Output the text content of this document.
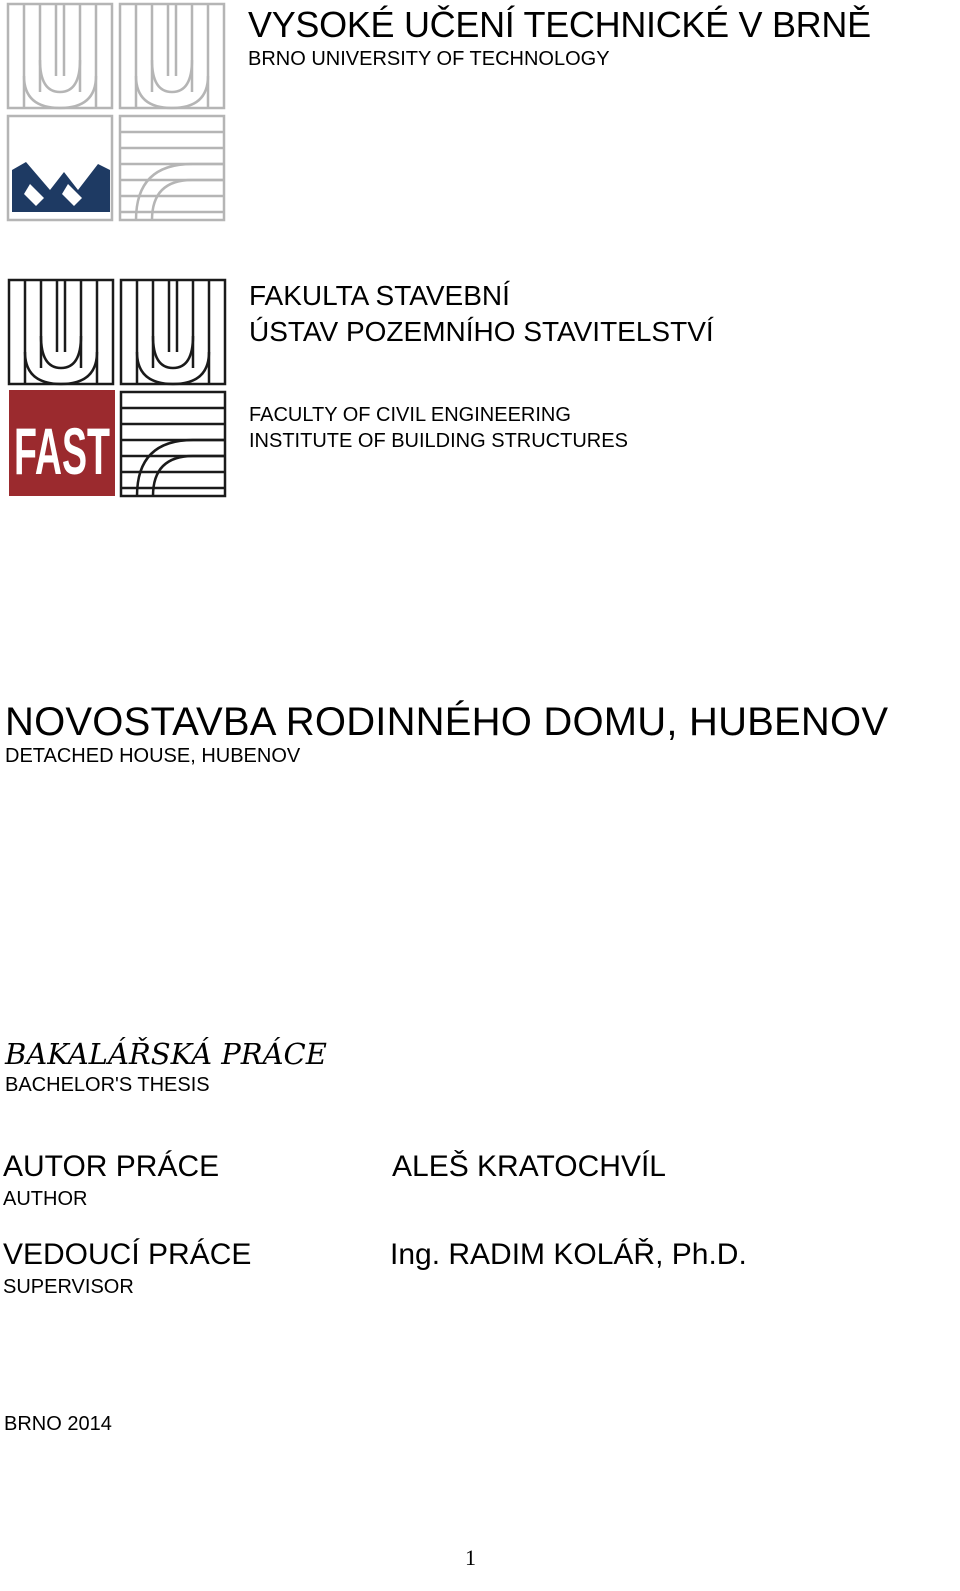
VYSOKÉ UČENÍ TECHNICKÉ V BRNĚ
BRNO UNIVERSITY OF TECHNOLOGY
FAST
FAKULTA STAVEBNÍ
ÚSTAV POZEMNÍHO STAVITELSTVÍ
FACULTY OF CIVIL ENGINEERING
INSTITUTE OF BUILDING STRUCTURES
NOVOSTAVBA RODINNÉHO DOMU, HUBENOV
DETACHED HOUSE, HUBENOV
BAKALÁŘSKÁ PRÁCE
BACHELOR'S THESIS
AUTOR PRÁCE
AUTHOR
ALEŠ KRATOCHVÍL
VEDOUCÍ PRÁCE
SUPERVISOR
Ing. RADIM KOLÁŘ, Ph.D.
BRNO 2014
1
